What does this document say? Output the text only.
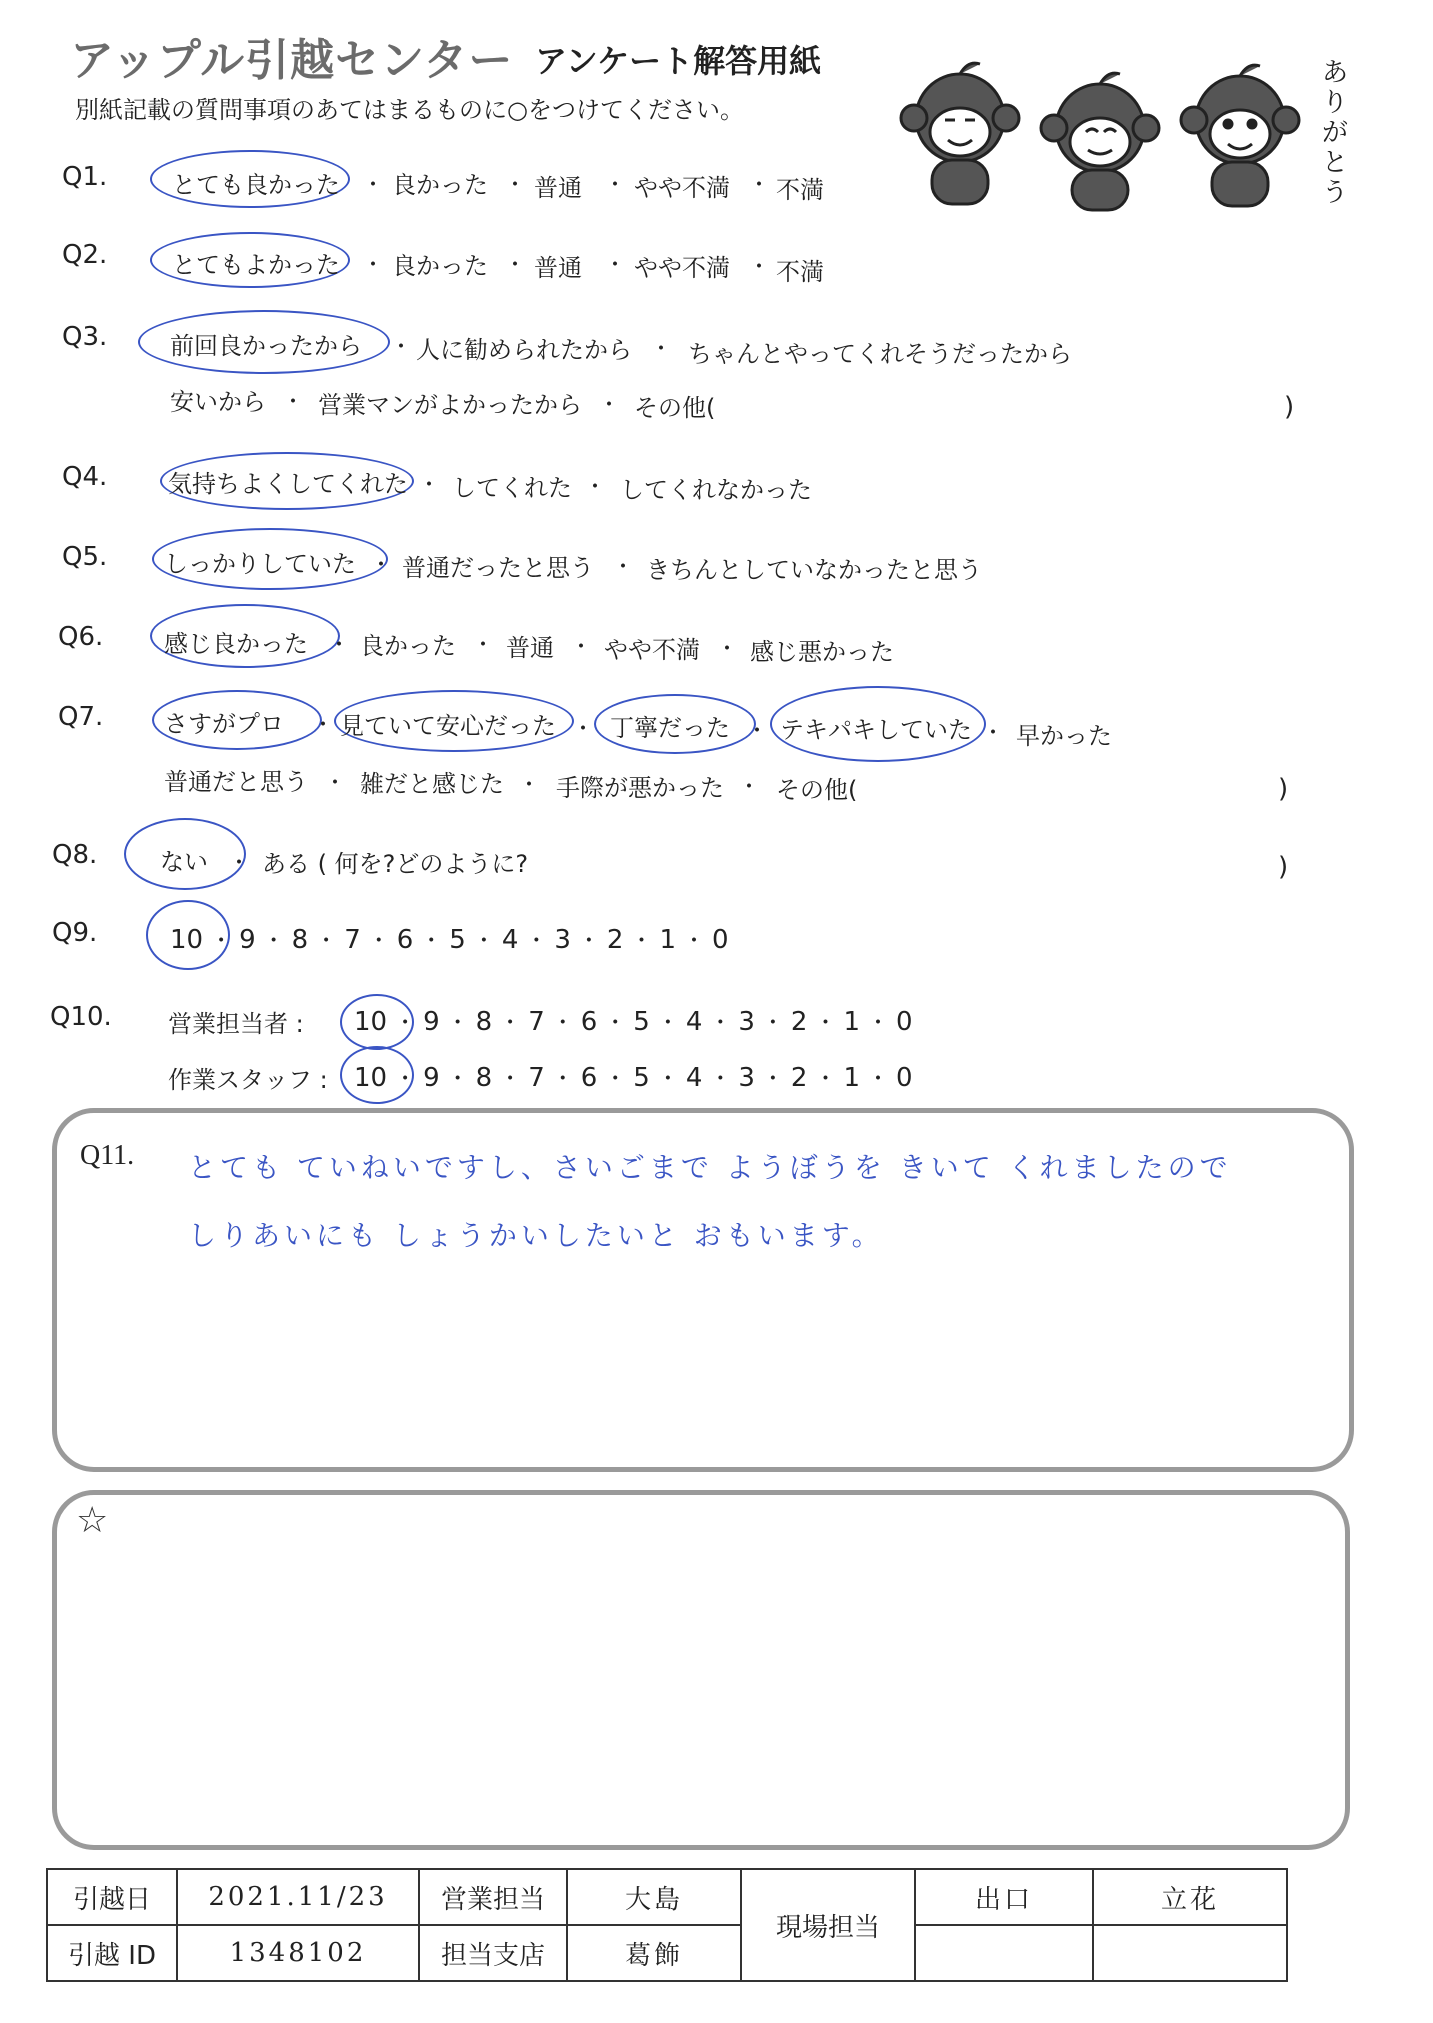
アップル引越センター アンケート解答用紙
別紙記載の質問事項のあてはまるものに○をつけてください。
ありがとう
Q1.	とても良かった ・ 良かった ・ 普通 ・ やや不満 ・ 不満
Q2.	とてもよかった ・ 良かった ・ 普通 ・ やや不満 ・ 不満
Q3.	前回良かったから ・ 人に勧められたから ・ ちゃんとやってくれそうだったから
安いから ・ 営業マンがよかったから ・ その他(	)
Q4.	気持ちよくしてくれた ・ してくれた ・ してくれなかった
Q5. しっかりしていた ・ 普通だったと思う ・ きちんとしていなかったと思う
Q6.	感じ良かった ・ 良かった ・ 普通 ・ やや不満 ・ 感じ悪かった
Q7.	さすがプロ ・ 見ていて安心だった ・ 丁寧だった ・ テキパキしていた ・ 早かった
普通だと思う ・ 雑だと感じた ・ 手際が悪かった ・ その他(	)
Q8.	ない ・ ある ( 何を?どのように?	)
Q9.	10 ・ 9 ・ 8 ・ 7 ・ 6 ・ 5 ・ 4 ・ 3 ・ 2 ・ 1 ・ 0
Q10. 営業担当者 : 10 ・ 9 ・ 8 ・ 7 ・ 6 ・ 5 ・ 4 ・ 3 ・ 2 ・ 1 ・ 0
作業スタッフ : 10 ・ 9 ・ 8 ・ 7 ・ 6 ・ 5 ・ 4 ・ 3 ・ 2 ・ 1 ・ 0
Q11. とても ていねいですし、さいごまで ようぼうを きいて くれましたので
しりあいにも しょうかいしたいと おもいます。
☆
引越日	2021.11/23	営業担当	大島	現場担当	出口	立花
引越 ID	1348102	担当支店	葛飾			
